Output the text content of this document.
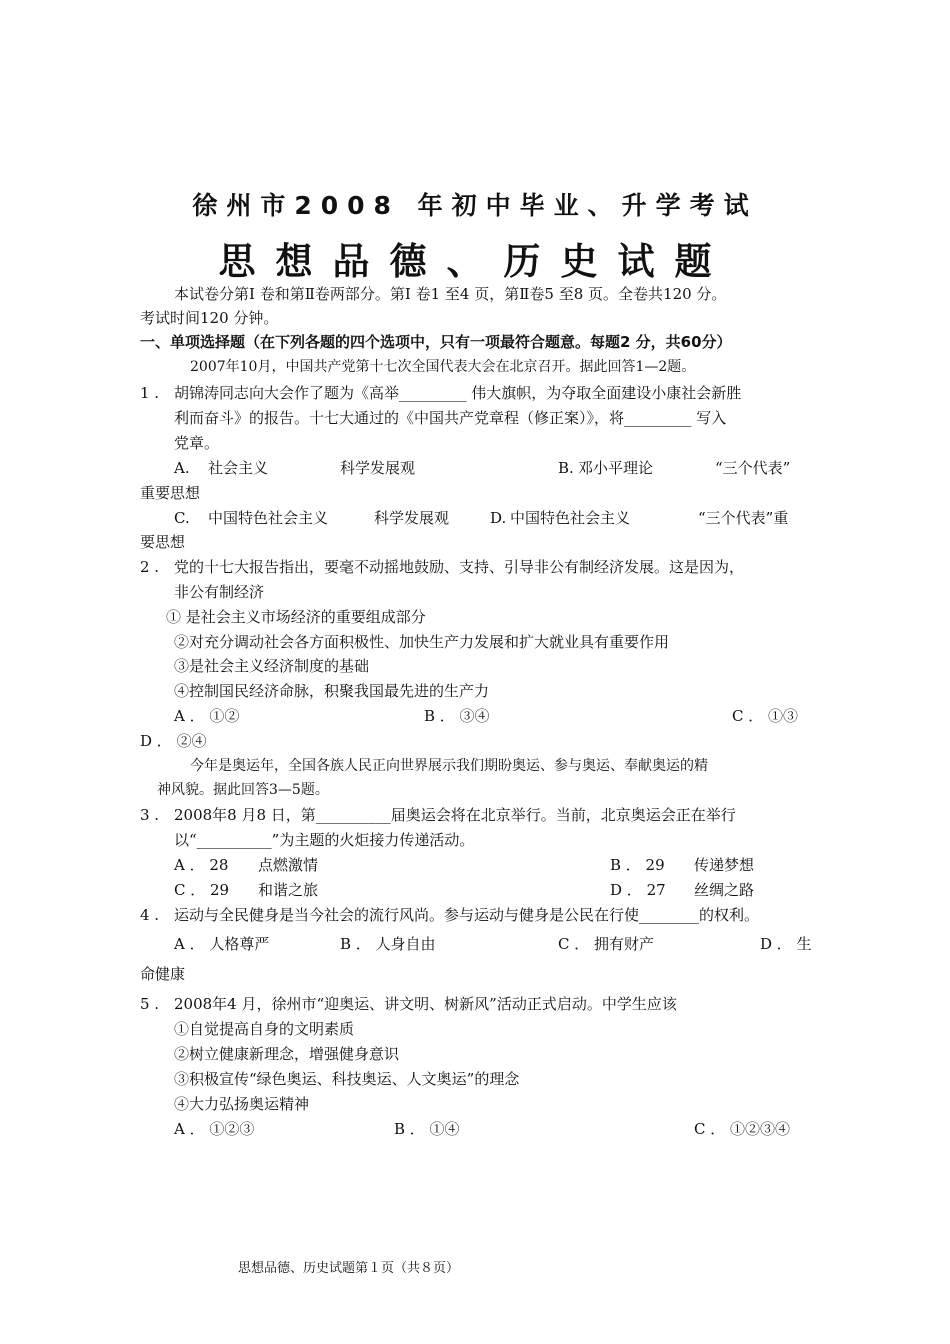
徐州市2008 年初中毕业、升学考试
思想品德、历史试题
本试卷分第Ⅰ 卷和第Ⅱ卷两部分。第Ⅰ 卷1 至4 页，第Ⅱ卷5 至8 页。全卷共120 分。
考试时间120 分钟。
一、单项选择题（在下列各题的四个选项中，只有一项最符合题意。每题2 分，共60分）
2007年10月，中国共产党第十七次全国代表大会在北京召开。据此回答1—2题。
1 . 胡锦涛同志向大会作了题为《高举_________ 伟大旗帜，为夺取全面建设小康社会新胜
利而奋斗》的报告。十七大通过的《中国共产党章程（修正案）》，将_________ 写入
党章。
A. 社会主义	科学发展观	B. 邓小平理论	“三个代表”
重要思想
C. 中国特色社会主义	科学发展观	D. 中国特色社会主义	“三个代表”重
要思想
2 . 党的十七大报告指出，要毫不动摇地鼓励、支持、引导非公有制经济发展。这是因为，
非公有制经济
① 是社会主义市场经济的重要组成部分
②对充分调动社会各方面积极性、加快生产力发展和扩大就业具有重要作用
③是社会主义经济制度的基础
④控制国民经济命脉，积聚我国最先进的生产力
A ． ①②	B ． ③④	C ． ①③
D ． ②④
今年是奥运年，全国各族人民正向世界展示我们期盼奥运、参与奥运、奉献奥运的精
神风貌。据此回答3—5题。
3 . 2008年8 月8 日，第__________届奥运会将在北京举行。当前，北京奥运会正在举行
以“__________”为主题的火炬接力传递活动。
A ． 28 点燃激情	B ． 29 传递梦想
C ． 29 和谐之旅	D ． 27 丝绸之路
4 . 运动与全民健身是当今社会的流行风尚。参与运动与健身是公民在行使________的权利。
A ． 人格尊严	B ． 人身自由	C ． 拥有财产	D ． 生
命健康
5 . 2008年4 月，徐州市“迎奥运、讲文明、树新风”活动正式启动。中学生应该
①自觉提高自身的文明素质
②树立健康新理念，增强健身意识
③积极宣传“绿色奥运、科技奥运、人文奥运”的理念
④大力弘扬奥运精神
A ． ①②③	B ． ①④	C ． ①②③④
思想品德、历史试题第１页（共８页）
